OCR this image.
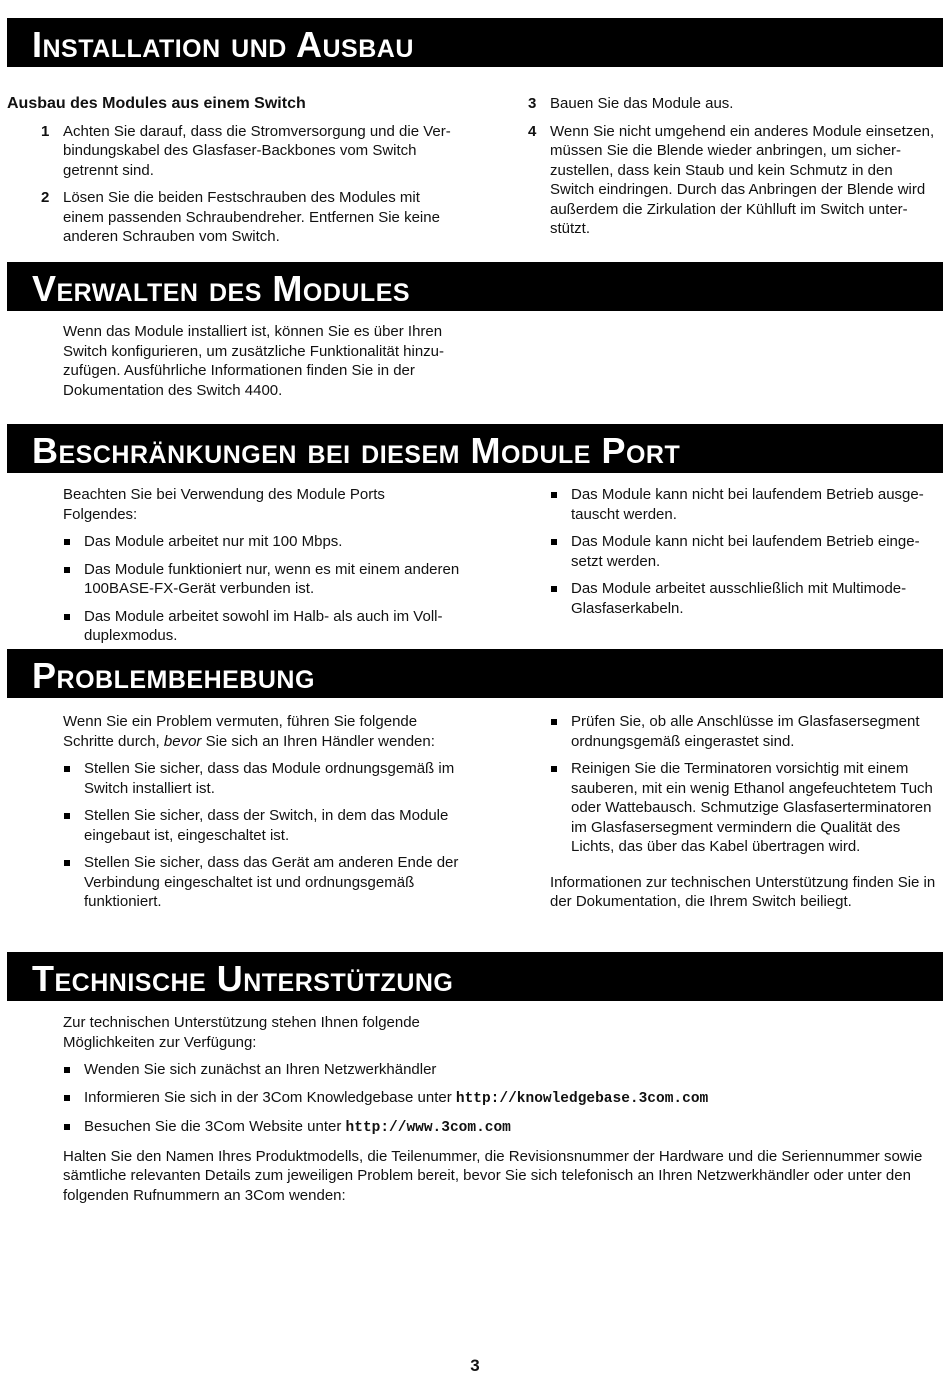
Installation und Ausbau
Ausbau des Modules aus einem Switch
1 Achten Sie darauf, dass die Stromversorgung und die Verbindungskabel des Glasfaser-Backbones vom Switch getrennt sind.
2 Lösen Sie die beiden Festschrauben des Modules mit einem passenden Schraubendreher. Entfernen Sie keine anderen Schrauben vom Switch.
3 Bauen Sie das Module aus.
4 Wenn Sie nicht umgehend ein anderes Module einsetzen, müssen Sie die Blende wieder anbringen, um sicherzustellen, dass kein Staub und kein Schmutz in den Switch eindringen. Durch das Anbringen der Blende wird außerdem die Zirkulation der Kühlluft im Switch unterstützt.
Verwalten des Modules

Wenn das Module installiert ist, können Sie es über Ihren Switch konfigurieren, um zusätzliche Funktionalität hinzuzufügen. Ausführliche Informationen finden Sie in der Dokumentation des Switch 4400.

Beschränkungen bei diesem Module Port

Beachten Sie bei Verwendung des Module Ports Folgendes:

Das Module arbeitet nur mit 100 Mbps.
Das Module funktioniert nur, wenn es mit einem anderen 100BASE-FX-Gerät verbunden ist.
Das Module arbeitet sowohl im Halb- als auch im Vollduplexmodus.
Das Module kann nicht bei laufendem Betrieb ausgetauscht werden.
Das Module kann nicht bei laufendem Betrieb eingesetzt werden.
Das Module arbeitet ausschließlich mit Multimode-Glasfaserkabeln.
Problembehebung

Wenn Sie ein Problem vermuten, führen Sie folgende Schritte durch, bevor Sie sich an Ihren Händler wenden:

Stellen Sie sicher, dass das Module ordnungsgemäß im Switch installiert ist.
Stellen Sie sicher, dass der Switch, in dem das Module eingebaut ist, eingeschaltet ist.
Stellen Sie sicher, dass das Gerät am anderen Ende der Verbindung eingeschaltet ist und ordnungsgemäß funktioniert.
Prüfen Sie, ob alle Anschlüsse im Glasfasersegment ordnungsgemäß eingerastet sind.
Reinigen Sie die Terminatoren vorsichtig mit einem sauberen, mit ein wenig Ethanol angefeuchtetem Tuch oder Wattebausch. Schmutzige Glasfaserterminatoren im Glasfasersegment vermindern die Qualität des Lichts, das über das Kabel übertragen wird.

Informationen zur technischen Unterstützung finden Sie in der Dokumentation, die Ihrem Switch beiliegt.

Technische Unterstützung

Zur technischen Unterstützung stehen Ihnen folgende Möglichkeiten zur Verfügung:

Wenden Sie sich zunächst an Ihren Netzwerkhändler
Informieren Sie sich in der 3Com Knowledgebase unter http://knowledgebase.3com.com
Besuchen Sie die 3Com Website unter http://www.3com.com

Halten Sie den Namen Ihres Produktmodells, die Teilenummer, die Revisionsnummer der Hardware und die Seriennummer sowie sämtliche relevanten Details zum jeweiligen Problem bereit, bevor Sie sich telefonisch an Ihren Netzwerkhändler oder unter den folgenden Rufnummern an 3Com wenden:

3
